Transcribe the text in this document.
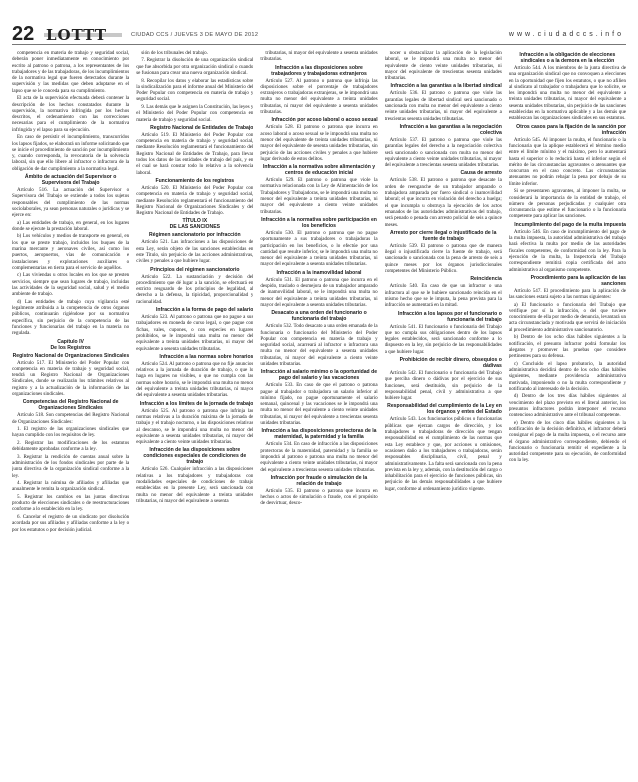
22 LOTTT	CIUDAD CCS / JUEVES 3 DE MAYO DE 2012	www.ciudadccs.info

competencia en materia de trabajo y seguridad social, deberán poner inmediatamente en conocimiento por escrito al patrono o patrona, a los representantes de los trabajadores y de las trabajadoras, de los incumplimientos de la normativa legal que fueren detectados durante la supervisión y las medidas que deben adoptarse en el lapso que se le conceda para su cumplimiento.

El acta de la supervisión efectuada deberá contener la descripción de los hechos constatados durante la supervisión, la normativa infringida por los hechos descritos, el ordenamiento con las correcciones necesarias para el cumplimiento de la normativa infringida y el lapso para su ejecución.

En caso de persistir el incumplimiento, transcurridos los lapsos fijados, se elaborará un informe solicitando que se inicie el procedimiento de sanción por incumplimiento y, cuando corresponda, la revocatoria de la solvencia laboral, sin que ello libere al infractor o infractora de la obligación de dar cumplimiento a la normativa legal.

Ámbito de actuación del Supervisor o Supervisora del Trabajo

Artículo 516. La actuación del Supervisor o Supervisora del Trabajo se extiende a todos los sujetos responsables del cumplimiento de las normas sociolaborales, ya sean personas naturales o jurídicas y se ejerce en:

a) Las entidades de trabajo, en general, en los lugares donde se ejecute la prestación laboral.

b) Los vehículos y medios de transporte en general, en los que se preste trabajo, incluidos los buques de la marina mercante y aeronaves civiles, así como los puertos, aeropuertos, vías de comunicación e instalaciones y explotaciones auxiliares o complementarias en tierra para el servicio de aquéllos.

c) Las viviendas u otros locales en los que se presten servicios, siempre que sean lugares de trabajo, incluidas las actividades de la seguridad social, salud y el medio ambiente de trabajo.

d) Las entidades de trabajo cuya vigilancia esté legalmente atribuida a la competencia de otros órganos públicos, continuarán rigiéndose por su normativa específica, sin perjuicio de la competencia de las funciones y funcionarias del trabajo en la materia no regulada.

Capítulo IV
De los Registros
Registro Nacional de Organizaciones Sindicales

Artículo 517. El Ministerio del Poder Popular con competencia en materia de trabajo y seguridad social, tendrá un Registro Nacional de Organizaciones Sindicales, donde se realizarán los trámites relativos al registro y a la actualización de la información de las organizaciones sindicales.

Competencias del Registro Nacional de Organizaciones Sindicales

Artículo 518. Son competencias del Registro Nacional de Organizaciones Sindicales:

1. El registro de las organizaciones sindicales que hayan cumplido con los requisitos de ley.

2. Registrar las modificaciones de los estatutos debidamente aprobadas conforme a la ley.

3. Registrar la rendición de cuentas anual sobre la administración de los fondos sindicales por parte de la junta directiva de la organización sindical conforme a la ley.

4. Registrar la nómina de afiliados y afiliadas que anualmente le remita la organización sindical.

5. Registrar los cambios en las juntas directivas producto de elecciones sindicales o de reestructuraciones conforme a lo establecido en la ley.

6. Cancelar el registro de un sindicato por disolución acordada por sus afiliados y afiliadas conforme a la ley o por los estatutos o por decisión judicial.

sión de los tribunales del trabajo.

7. Registrar la disolución de una organización sindical que fue absorbida por otra organización sindical o cuando se fusionan para crear una nueva organización sindical.

8. Recopilar los datos y elaborar las estadísticas sobre la sindicalización para el informe anual del Ministerio del Poder Popular con competencia en materia de trabajo y seguridad social.

9. Las demás que le asignen la Constitución, las leyes y el Ministerio del Poder Popular con competencia en materia de trabajo y seguridad social.

Registro Nacional de Entidades de Trabajo

Artículo 519. El Ministerio del Poder Popular con competencia en materia de trabajo y seguridad social, mediante Resolución reglamentará el funcionamiento del Registro Nacional de Entidades de Trabajo, para llevar todos los datos de las entidades de trabajo del país, y en el cual se hará constar todo lo relativo a la solvencia laboral.

Funcionamiento de los registros

Artículo 520. El Ministerio del Poder Popular con competencia en materia de trabajo y seguridad social, mediante Resolución reglamentará el funcionamiento del Registro Nacional de Organizaciones Sindicales y del Registro Nacional de Entidades de Trabajo.

TÍTULO IX
DE LAS SANCIONES
Régimen sancionatorio por infracción

Artículo 521. Las infracciones a las disposiciones de esta Ley, serán objeto de las sanciones establecidas en este Título, sin perjuicio de las acciones administrativas, civiles y penales a que hubiere lugar.

Principios del régimen sancionatorio

Artículo 522. La sustanciación y decisión del procedimiento que dé lugar a la sanción, se efectuará en estricto resguardo de los principios de legalidad, al derecho a la defensa, la tipicidad, proporcionalidad y racionalidad.

Infracción a la forma de pago del salario

Artículo 523. Al patrono o patrona que no pague a sus trabajadores en moneda de curso legal, o que pague con fichas, vales, cupones, o con especies en lugares prohibidos, se le impondrá una multa no menor del equivalente a treinta unidades tributarias, ni mayor del equivalente a sesenta unidades tributarias.

Infracción a las normas sobre horarios

Artículo 524. Al patrono o patrona que no fije anuncios relativos a la jornada de duración de trabajo, o que lo haga en lugares no visibles, o que no cumpla con las normas sobre horario, se le impondrá una multa no menor del equivalente a treinta unidades tributarias, ni mayor del equivalente a sesenta unidades tributarias.

Infracción a los límites de la jornada de trabajo

Artículo 525. Al patrono o patrona que infrinja las normas relativas a la duración máxima de la jornada de trabajo y el trabajo nocturno, o las disposiciones relativas al descanso, se le impondrá una multa no menor del equivalente a sesenta unidades tributarias, ni mayor del equivalente a ciento veinte unidades tributarias.

Infracción de las disposiciones sobre condiciones especiales de condiciones de trabajo

Artículo 526. Cualquier infracción a las disposiciones relativas a los trabajadores y trabajadoras con modalidades especiales de condiciones de trabajo establecidas en la presente Ley, será sancionada con multa no menor del equivalente a treinta unidades tributarias, ni mayor del equivalente a sesenta

tributarias, ni mayor del equivalente a sesenta unidades tributarias.

Infracción a las disposiciones sobre trabajadores y trabajadoras extranjeros

Artículo 527. Al patrono o patrona que infrinja las disposiciones sobre el porcentaje de trabajadores extranjeros o trabajadoras extranjeras, se le impondrá una multa no menor del equivalente a treinta unidades tributarias, ni mayor del equivalente a sesenta unidades tributarias.

Infracción por acoso laboral o acoso sexual

Artículo 528. El patrono o patrona que incurra en acoso laboral o acoso sexual se le impondrá una multa no menor del equivalente de treinta unidades tributarias, ni mayor del equivalente de sesenta unidades tributarias, sin perjuicio de las acciones civiles y penales a que hubiere lugar derivado de estos delitos.

Infracción a la normativa sobre alimentación y centros de educación inicial

Artículo 529. El patrono o patrona que viole la normativa relacionada con la Ley de Alimentación de los Trabajadores y Trabajadoras, se le impondrá una multa no menor del equivalente a treinta unidades tributarias, ni mayor del equivalente a ciento veinte unidades tributarias.

Infracción a la normativa sobre participación en los beneficios

Artículo 530. El patrono o patrona que no pague oportunamente a sus trabajadores o trabajadoras la participación en los beneficios, o lo efectúe por una cantidad que resulte inferior, se le impondrá una multa no menor del equivalente a treinta unidades tributarias, ni mayor del equivalente a sesenta unidades tributarias.

Infracción a la inamovilidad laboral

Artículo 531. El patrono o patrona que incurra en el despido, traslado o desmejora de un trabajador amparado de inamovilidad laboral, se le impondrá una multa no menor del equivalente a treinta unidades tributarias, ni mayor del equivalente a sesenta unidades tributarias.

Desacato a una orden del funcionario o funcionaria del trabajo

Artículo 532. Todo desacato a una orden emanada de la funcionaria o funcionario del Ministerio del Poder Popular con competencia en materia de trabajo y seguridad social, acarreará al infractor o infractora una multa no menor del equivalente a sesenta unidades tributarias, ni mayor del equivalente a ciento veinte unidades tributarias.

Infracción al salario mínimo o la oportunidad de pago del salario y las vacaciones

Artículo 533. En caso de que el patrono o patrona pague al trabajador o trabajadora un salario inferior al mínimo fijado, no pague oportunamente el salario semanal, quincenal y las vacaciones se le impondrá una multa no menor del equivalente a ciento veinte unidades tributarias, ni mayor del equivalente a trescientas sesenta unidades tributarias.

Infracción a las disposiciones protectoras de la maternidad, la paternidad y la familia

Artículo 534. En caso de infracción a las disposiciones protectoras de la maternidad, paternidad y la familia se impondrá al patrono o patrona una multa no menor del equivalente a ciento veinte unidades tributarias, ni mayor del equivalente a trescientas sesenta unidades tributarias.

Infracción por fraude o simulación de la relación de trabajo

Artículo 535. El patrono o patrona que incurra en hechos o actos de simulación o fraude, con el propósito de desvirtuar, desco-

nocer u obstaculizar la aplicación de la legislación laboral, se le impondrá una multa no menor del equivalente de ciento veinte unidades tributarias, ni mayor del equivalente de trescientas sesenta unidades tributarias.

Infracción a las garantías a la libertad sindical

Artículo 536. El patrono o patrona que viole las garantías legales de libertad sindical será sancionado o sancionada con multa no menor del equivalente a ciento veinte unidades tributarias, ni mayor del equivalente a trescientas sesenta unidades tributarias.

Infracción a las garantías a la negociación colectiva

Artículo 537. El patrono o patrona que viole las garantías legales del derecho a la negociación colectiva será sancionado o sancionada con multa no menor del equivalente a ciento veinte unidades tributarias, ni mayor del equivalente a trescientas sesenta unidades tributarias.

Causa de arresto

Artículo 538. El patrono o patrona que desacate la orden de reenganche de un trabajador amparado o trabajadora amparada por fuero sindical o inamovilidad laboral; el que incurra en violación del derecho a huelga; el que incumpla u obstruya la ejecución de los actos emanados de las autoridades administrativas del trabajo, será penado o penada con arresto policial de seis a quince meses.

Arresto por cierre ilegal o injustificado de la fuente de trabajo

Artículo 539. El patrono o patrona que de manera ilegal o injustificada cierre la fuente de trabajo, será sancionado o sancionada con la pena de arresto de seis a quince meses por los órganos jurisdiccionales competentes del Ministerio Público.

Reincidencia

Artículo 540. En caso de que un infractor o una infractora al que se le hubiere sancionado reincida en el mismo hecho que se le imputa, la pena prevista para la infracción se aumentará en la mitad.

Infracción a los lapsos por el funcionario o funcionaria del trabajo

Artículo 541. El funcionario o funcionaria del Trabajo que no cumpla sus obligaciones dentro de los lapsos legales establecidos, será sancionado conforme a lo dispuesto en la ley, sin perjuicio de las responsabilidades a que hubiere lugar.

Prohibición de recibir dinero, obsequios o dádivas

Artículo 542. El funcionario o funcionaria del Trabajo que perciba dinero o dádivas por el ejercicio de sus funciones, será destituido, sin perjuicio de la responsabilidad penal, civil y administrativa a que hubiere lugar.

Responsabilidad del cumplimiento de la Ley en los órganos y entes del Estado

Artículo 543. Los funcionarios públicos o funcionarias públicas que ejerzan cargos de dirección, y los trabajadores o trabajadoras de dirección que tengan responsabilidad en el cumplimiento de las normas que esta Ley establece y que, por acciones u omisiones, ocasionen daño a los trabajadores o trabajadoras, serán responsables disciplinaria, civil, penal y administrativamente. La falta será sancionada con la pena prevista en la ley y, además, con la destitución del cargo o inhabilitación para el ejercicio de funciones públicas, sin perjuicio de las demás responsabilidades a que hubiere lugar, conforme al ordenamiento jurídico vigente.

Infracción a la obligación de elecciones sindicales o a la demora en la elección

Artículo 544. A los miembros de la junta directiva de una organización sindical que no convoquen a elecciones en la oportunidad que fijen los estatutos, o que no afilien al sindicato al trabajador o trabajadora que lo solicite, se les impondrá una multa no menor del equivalente a treinta unidades tributarias, ni mayor del equivalente a sesenta unidades tributarias, sin perjuicio de las sanciones establecidas en la normativa aplicable y a las demás que establezcan las organizaciones sindicales en sus estatutos.

Otros casos para la fijación de la sanción por infracción

Artículo 545. Al imponer la multa, el funcionario o la funcionaria que la aplique establecerá el término medio entre el límite mínimo y el máximo, pero lo aumentará hasta el superior o lo reducirá hasta el inferior según el mérito de las circunstancias agravantes o atenuantes que concurran en el caso concreto. Las circunstancias atenuantes no podrán rebajar la pena por debajo de su límite inferior.

Si se presentaren agravantes, al imponer la multa, se considerará la importancia de la entidad de trabajo, el número de personas perjudicadas y cualquier otra circunstancia que estime el funcionario o la funcionaria competente para aplicar las sanciones.

Incumplimiento del pago de la multa impuesta

Artículo 546. En caso de incumplimiento del pago de la multa impuesta, la autoridad administrativa del trabajo hará efectiva la multa por medio de las autoridades fiscales competentes, de conformidad con la ley. Para la ejecución de la multa, la Inspectoría del Trabajo correspondiente remitirá copia certificada del acto administrativo al organismo competente.

Procedimiento para la aplicación de las sanciones

Artículo 547. El procedimiento para la aplicación de las sanciones estará sujeto a las normas siguientes:

a) El funcionario o funcionaria del Trabajo que verifique por sí la infracción, o del que tuviere conocimiento de ella por medio de denuncia, levantará un acta circunstanciada y motivada que servirá de iniciación al procedimiento administrativo sancionatorio.

b) Dentro de los ocho días hábiles siguientes a la notificación, el presunto infractor podrá formular los alegatos y promover las pruebas que considere pertinentes para su defensa.

c) Concluido el lapso probatorio, la autoridad administrativa decidirá dentro de los ocho días hábiles siguientes, mediante providencia administrativa motivada, imponiendo o no la multa correspondiente y notificando al interesado de la decisión.

d) Dentro de los tres días hábiles siguientes al vencimiento del plazo previsto en el literal anterior, los presuntos infractores podrán interponer el recurso contencioso administrativo ante el tribunal competente.

e) Dentro de los cinco días hábiles siguientes a la notificación de la decisión definitiva, el infractor deberá consignar el pago de la multa impuesta, o el recurso ante el órgano administrativo correspondiente, debiendo el funcionario o funcionaria remitir el expediente a la autoridad competente para su ejecución, de conformidad con la ley.
